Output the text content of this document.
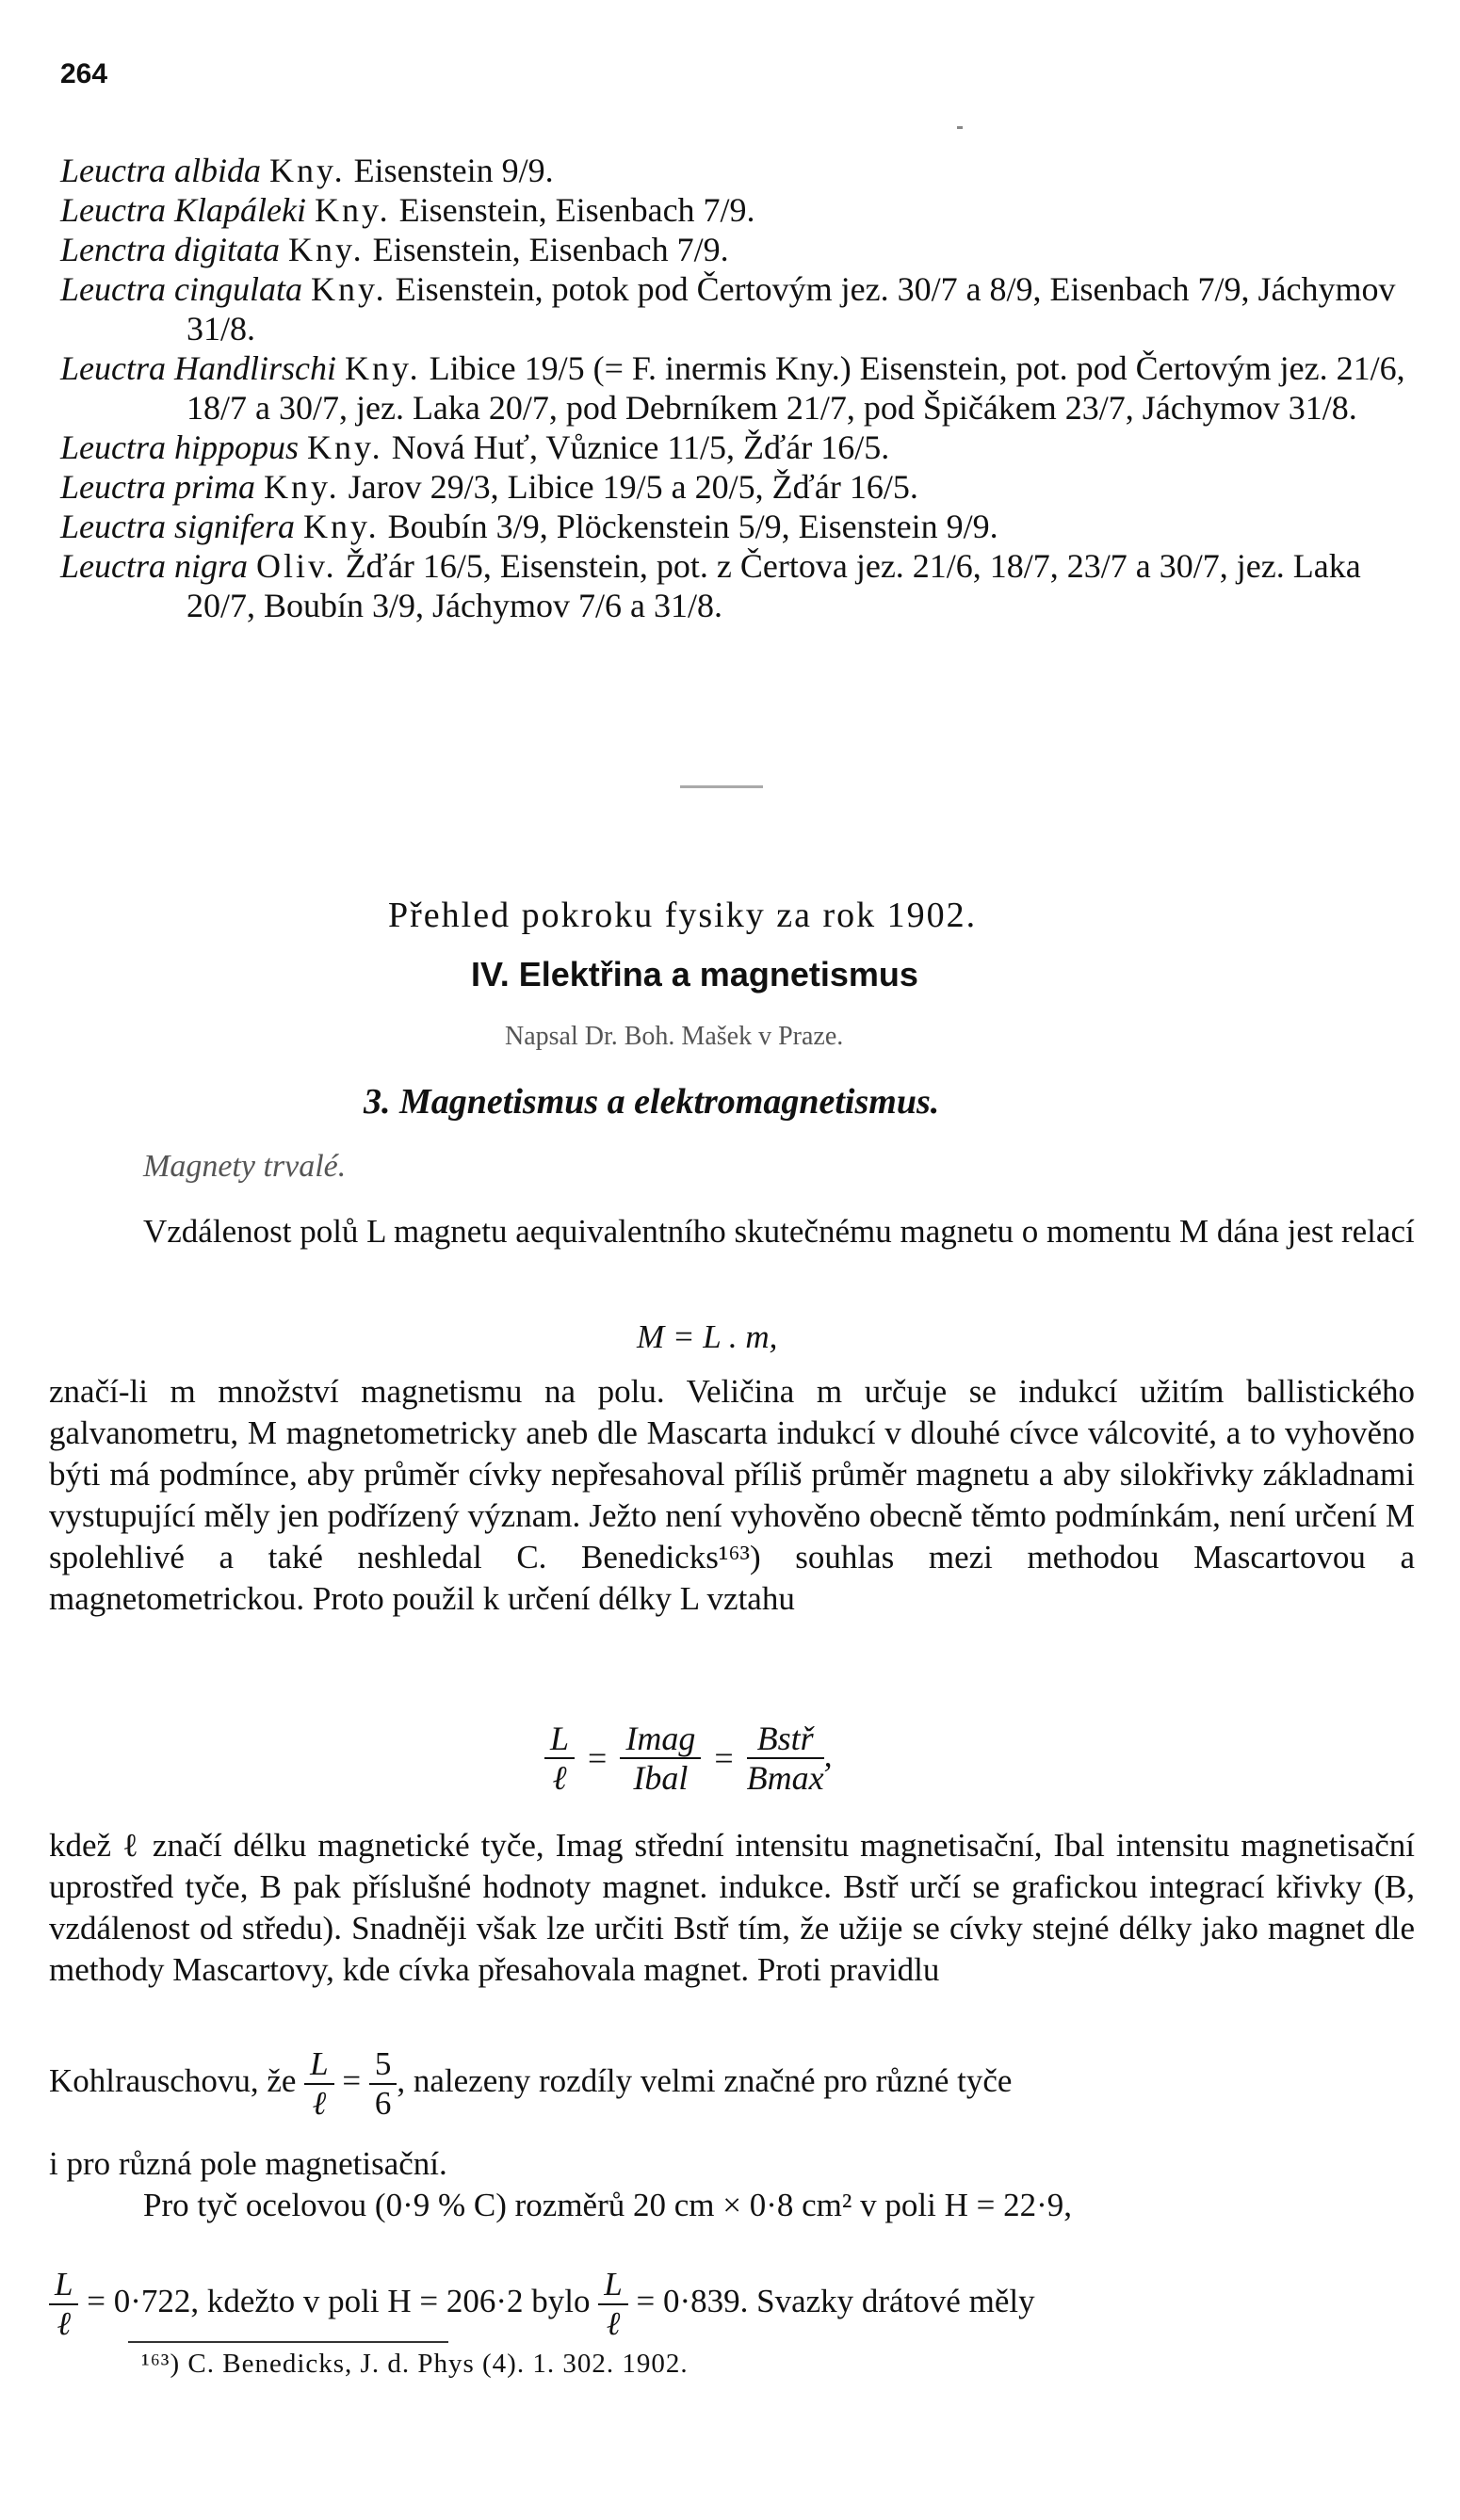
264
Leuctra albida Kny. Eisenstein 9/9.
Leuctra Klapáleki Kny. Eisenstein, Eisenbach 7/9.
Lenctra digitata Kny. Eisenstein, Eisenbach 7/9.
Leuctra cingulata Kny. Eisenstein, potok pod Čertovým jez. 30/7 a 8/9, Eisenbach 7/9, Jáchymov 31/8.
Leuctra Handlirschi Kny. Libice 19/5 (= F. inermis Kny.) Eisenstein, pot. pod Čertovým jez. 21/6, 18/7 a 30/7, jez. Laka 20/7, pod Debrníkem 21/7, pod Špičákem 23/7, Jáchymov 31/8.
Leuctra hippopus Kny. Nová Huť, Vůznice 11/5, Žďár 16/5.
Leuctra prima Kny. Jarov 29/3, Libice 19/5 a 20/5, Žďár 16/5.
Leuctra signifera Kny. Boubín 3/9, Plöckenstein 5/9, Eisenstein 9/9.
Leuctra nigra Oliv. Žďár 16/5, Eisenstein, pot. z Čertova jez. 21/6, 18/7, 23/7 a 30/7, jez. Laka 20/7, Boubín 3/9, Jáchymov 7/6 a 31/8.
Přehled pokroku fysiky za rok 1902.
IV. Elektřina a magnetismus
Napsal Dr. Boh. Mašek v Praze.
3. Magnetismus a elektromagnetismus.
Magnety trvalé.
Vzdálenost polů L magnetu aequivalentního skutečnému magnetu o momentu M dána jest relací
M = L . m,
značí-li m množství magnetismu na polu. Veličina m určuje se indukcí užitím ballistického galvanometru, M magnetometricky aneb dle Mascarta indukcí v dlouhé cívce válcovité, a to vyhověno býti má podmínce, aby průměr cívky nepřesahoval příliš průměr magnetu a aby silokřivky základnami vystupující měly jen podřízený význam. Ježto není vyhověno obecně těmto podmínkám, není určení M spolehlivé a také neshledal C. Benedicks¹⁶³) souhlas mezi methodou Mascartovou a magnetometrickou. Proto použil k určení délky L vztahu
$\frac{L}{\text{ℓ}} = \frac{\text{Imag}}{\text{Ibal}} = \frac{\text{Bstř}}{Bmax}$ ,
kdež ℓ značí délku magnetické tyče, Imag střední intensitu magnetisační, Ibal intensitu magnetisační uprostřed tyče, B pak příslušné hodnoty magnet. indukce. Bstř určí se grafickou integrací křivky (B, vzdálenost od středu). Snadněji však lze určiti Bstř tím, že užije se cívky stejné délky jako magnet dle methody Mascartovy, kde cívka přesahovala magnet. Proti pravidlu
Kohlrauschovu, že $\frac{L}{\text{ℓ}} = \frac{5}{6}$ , nalezeny rozdíly velmi značné pro různé tyče
i pro různá pole magnetisační.
Pro tyč ocelovou (0·9 % C) rozměrů 20 cm × 0·8 cm² v poli H = 22·9,
$\frac{L}{\text{ℓ}} = 0\cdot 722$, kdežto v poli H = 206·2 bylo $\frac{L}{\text{ℓ}} = 0\cdot 839$. Svazky drátové měly
¹⁶³) C. Benedicks, J. d. Phys (4). 1. 302. 1902.
